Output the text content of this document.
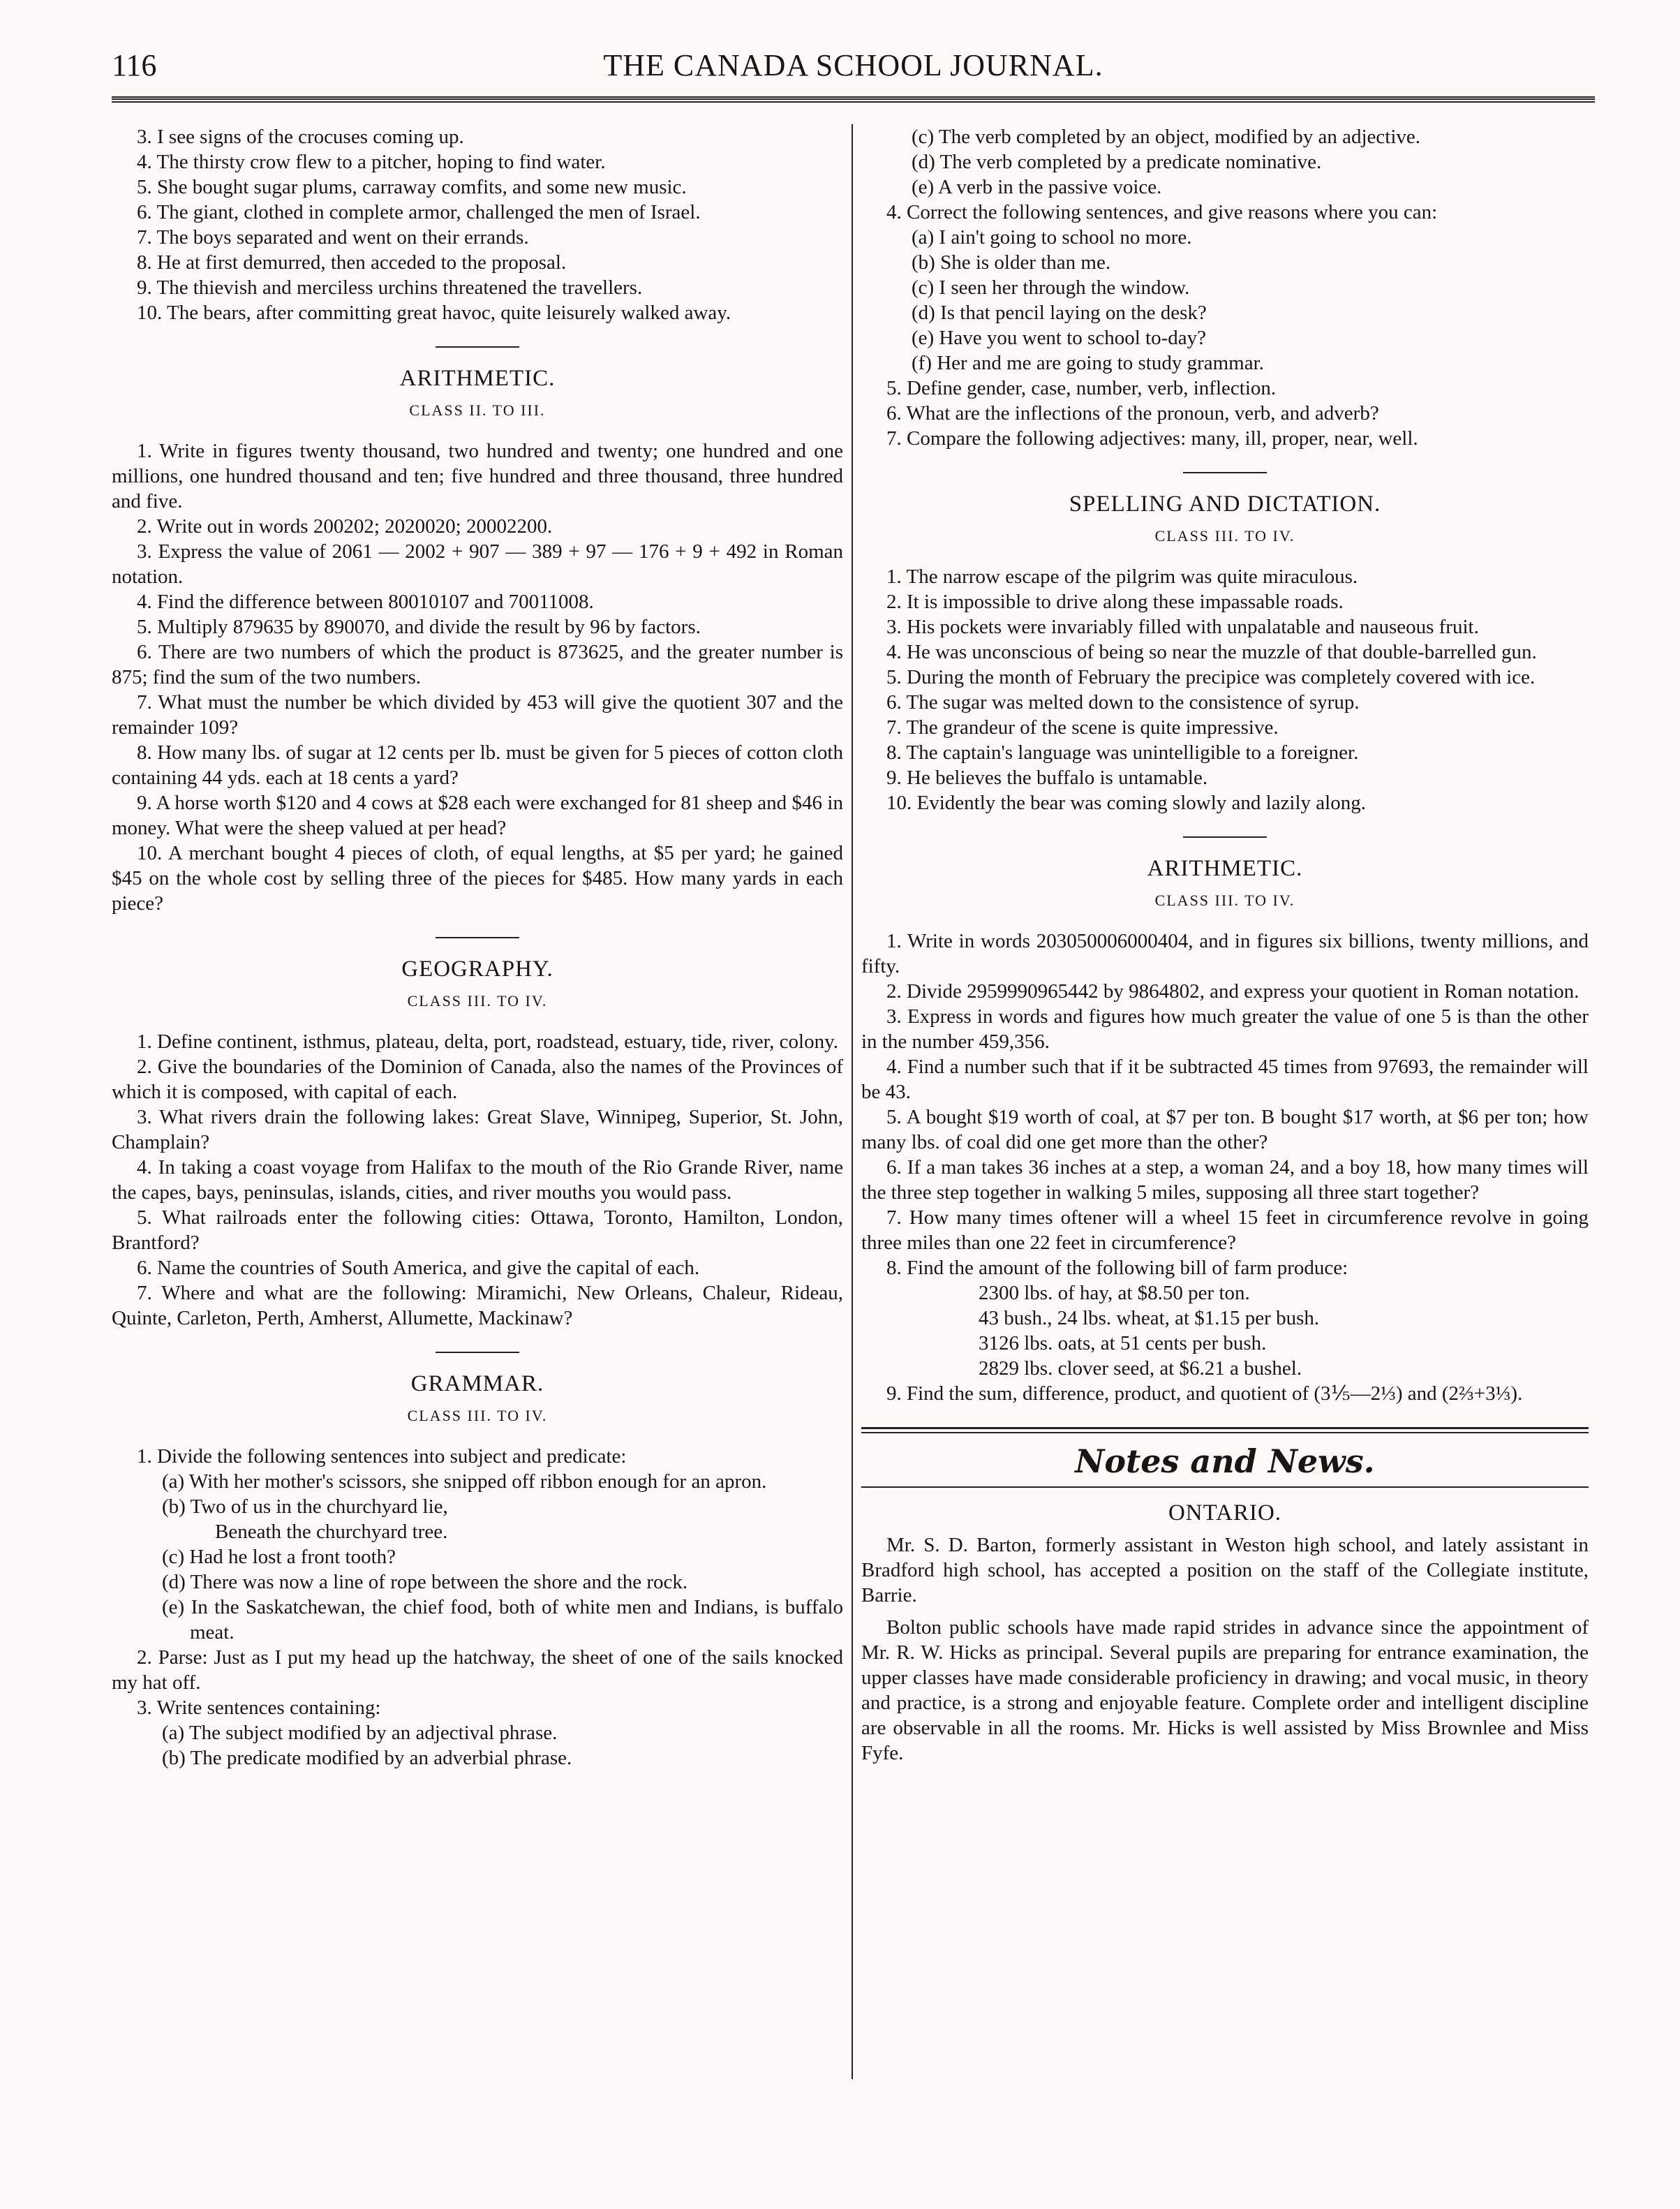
116	THE CANADA SCHOOL JOURNAL.

3. I see signs of the crocuses coming up.

4. The thirsty crow flew to a pitcher, hoping to find water.

5. She bought sugar plums, carraway comfits, and some new music.

6. The giant, clothed in complete armor, challenged the men of Israel.

7. The boys separated and went on their errands.

8. He at first demurred, then acceded to the proposal.

9. The thievish and merciless urchins threatened the travellers.

10. The bears, after committing great havoc, quite leisurely walked away.

ARITHMETIC.

CLASS II. TO III.

1. Write in figures twenty thousand, two hundred and twenty; one hundred and one millions, one hundred thousand and ten; five hundred and three thousand, three hundred and five.

2. Write out in words 200202; 2020020; 20002200.

3. Express the value of 2061 — 2002 + 907 — 389 + 97 — 176 + 9 + 492 in Roman notation.

4. Find the difference between 80010107 and 70011008.

5. Multiply 879635 by 890070, and divide the result by 96 by factors.

6. There are two numbers of which the product is 873625, and the greater number is 875; find the sum of the two numbers.

7. What must the number be which divided by 453 will give the quotient 307 and the remainder 109?

8. How many lbs. of sugar at 12 cents per lb. must be given for 5 pieces of cotton cloth containing 44 yds. each at 18 cents a yard?

9. A horse worth $120 and 4 cows at $28 each were exchanged for 81 sheep and $46 in money. What were the sheep valued at per head?

10. A merchant bought 4 pieces of cloth, of equal lengths, at $5 per yard; he gained $45 on the whole cost by selling three of the pieces for $485. How many yards in each piece?

GEOGRAPHY.

CLASS III. TO IV.

1. Define continent, isthmus, plateau, delta, port, roadstead, estuary, tide, river, colony.

2. Give the boundaries of the Dominion of Canada, also the names of the Provinces of which it is composed, with capital of each.

3. What rivers drain the following lakes: Great Slave, Winnipeg, Superior, St. John, Champlain?

4. In taking a coast voyage from Halifax to the mouth of the Rio Grande River, name the capes, bays, peninsulas, islands, cities, and river mouths you would pass.

5. What railroads enter the following cities: Ottawa, Toronto, Hamilton, London, Brantford?

6. Name the countries of South America, and give the capital of each.

7. Where and what are the following: Miramichi, New Orleans, Chaleur, Rideau, Quinte, Carleton, Perth, Amherst, Allumette, Mackinaw?

GRAMMAR.

CLASS III. TO IV.

1. Divide the following sentences into subject and predicate:

(a) With her mother's scissors, she snipped off ribbon enough for an apron.

(b) Two of us in the churchyard lie,

Beneath the churchyard tree.

(c) Had he lost a front tooth?

(d) There was now a line of rope between the shore and the rock.

(e) In the Saskatchewan, the chief food, both of white men and Indians, is buffalo meat.

2. Parse: Just as I put my head up the hatchway, the sheet of one of the sails knocked my hat off.

3. Write sentences containing:

(a) The subject modified by an adjectival phrase.

(b) The predicate modified by an adverbial phrase.

(c) The verb completed by an object, modified by an adjective.

(d) The verb completed by a predicate nominative.

(e) A verb in the passive voice.

4. Correct the following sentences, and give reasons where you can:

(a) I ain't going to school no more.

(b) She is older than me.

(c) I seen her through the window.

(d) Is that pencil laying on the desk?

(e) Have you went to school to-day?

(f) Her and me are going to study grammar.

5. Define gender, case, number, verb, inflection.

6. What are the inflections of the pronoun, verb, and adverb?

7. Compare the following adjectives: many, ill, proper, near, well.

SPELLING AND DICTATION.

CLASS III. TO IV.

1. The narrow escape of the pilgrim was quite miraculous.

2. It is impossible to drive along these impassable roads.

3. His pockets were invariably filled with unpalatable and nauseous fruit.

4. He was unconscious of being so near the muzzle of that double-barrelled gun.

5. During the month of February the precipice was completely covered with ice.

6. The sugar was melted down to the consistence of syrup.

7. The grandeur of the scene is quite impressive.

8. The captain's language was unintelligible to a foreigner.

9. He believes the buffalo is untamable.

10. Evidently the bear was coming slowly and lazily along.

ARITHMETIC.

CLASS III. TO IV.

1. Write in words 203050006000404, and in figures six billions, twenty millions, and fifty.

2. Divide 2959990965442 by 9864802, and express your quotient in Roman notation.

3. Express in words and figures how much greater the value of one 5 is than the other in the number 459,356.

4. Find a number such that if it be subtracted 45 times from 97693, the remainder will be 43.

5. A bought $19 worth of coal, at $7 per ton. B bought $17 worth, at $6 per ton; how many lbs. of coal did one get more than the other?

6. If a man takes 36 inches at a step, a woman 24, and a boy 18, how many times will the three step together in walking 5 miles, supposing all three start together?

7. How many times oftener will a wheel 15 feet in circumference revolve in going three miles than one 22 feet in circumference?

8. Find the amount of the following bill of farm produce:

2300 lbs. of hay, at $8.50 per ton.

43 bush., 24 lbs. wheat, at $1.15 per bush.

3126 lbs. oats, at 51 cents per bush.

2829 lbs. clover seed, at $6.21 a bushel.

9. Find the sum, difference, product, and quotient of (3⅕—2⅓) and (2⅔+3⅓).

Notes and News.

ONTARIO.

Mr. S. D. Barton, formerly assistant in Weston high school, and lately assistant in Bradford high school, has accepted a position on the staff of the Collegiate institute, Barrie.

Bolton public schools have made rapid strides in advance since the appointment of Mr. R. W. Hicks as principal. Several pupils are preparing for entrance examination, the upper classes have made considerable proficiency in drawing; and vocal music, in theory and practice, is a strong and enjoyable feature. Complete order and intelligent discipline are observable in all the rooms. Mr. Hicks is well assisted by Miss Brownlee and Miss Fyfe.
